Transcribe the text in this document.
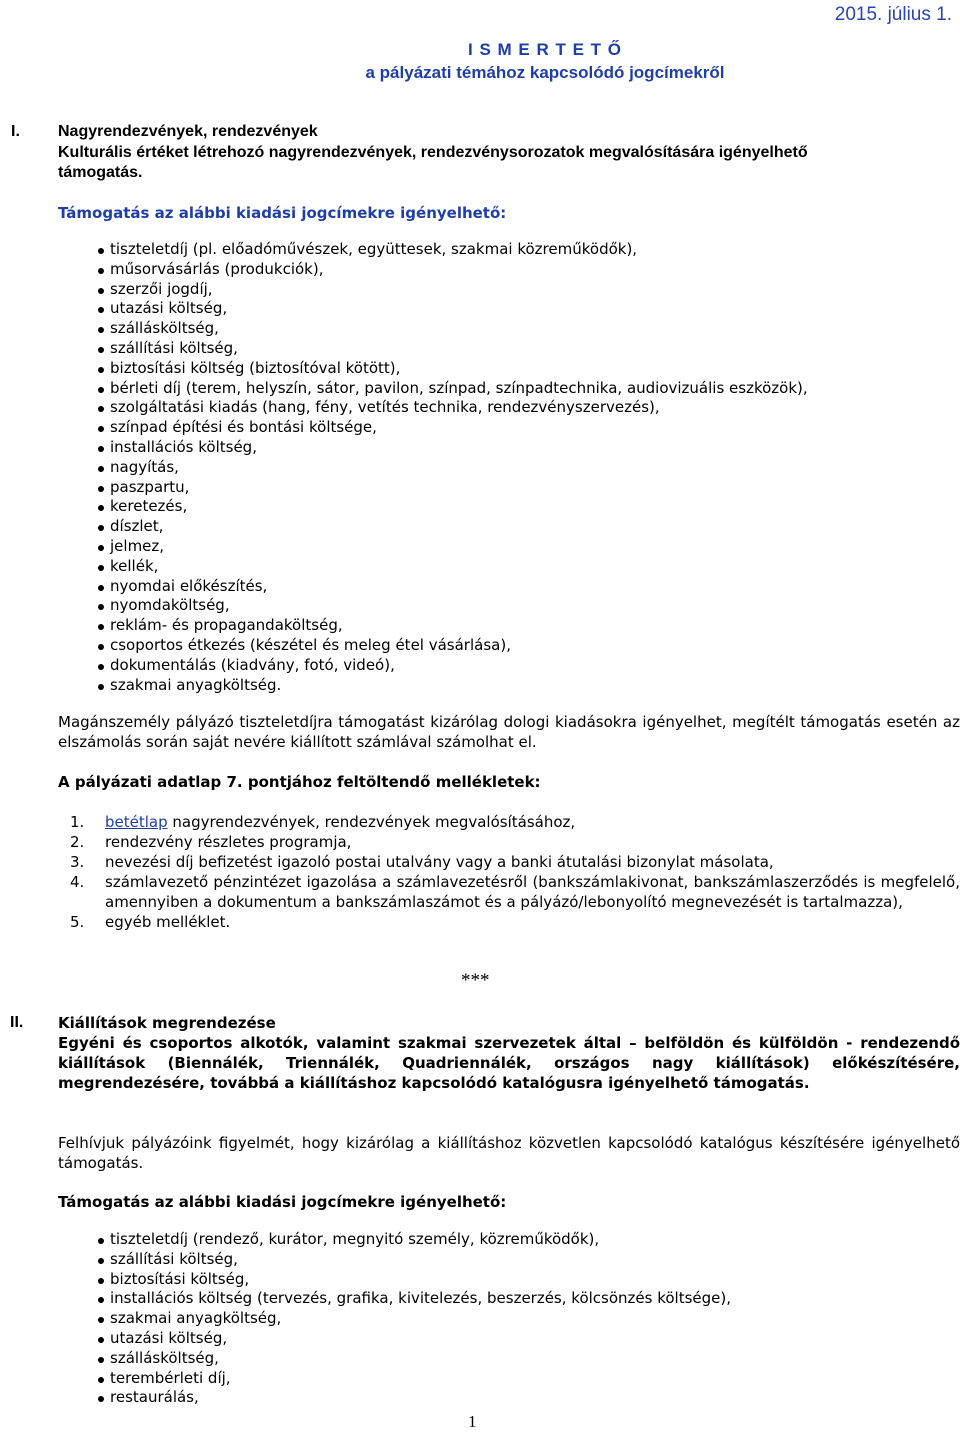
2015. július 1.
I S M E R T E T Ő
a pályázati témához kapcsolódó jogcímekről
I. Nagyrendezvények, rendezvények
Kulturális értéket létrehozó nagyrendezvények, rendezvénysorozatok megvalósítására igényelhető
támogatás.
Támogatás az alábbi kiadási jogcímekre igényelhető:
tiszteletdíj (pl. előadóművészek, együttesek, szakmai közreműködők),
műsorvásárlás (produkciók),
szerzői jogdíj,
utazási költség,
szállásköltség,
szállítási költség,
biztosítási költség (biztosítóval kötött),
bérleti díj (terem, helyszín, sátor, pavilon, színpad, színpadtechnika, audiovizuális eszközök),
szolgáltatási kiadás (hang, fény, vetítés technika, rendezvényszervezés),
színpad építési és bontási költsége,
installációs költség,
nagyítás,
paszpartu,
keretezés,
díszlet,
jelmez,
kellék,
nyomdai előkészítés,
nyomdaköltség,
reklám- és propagandaköltség,
csoportos étkezés (készétel és meleg étel vásárlása),
dokumentálás (kiadvány, fotó, videó),
szakmai anyagköltség.
Magánszemély pályázó tiszteletdíjra támogatást kizárólag dologi kiadásokra igényelhet, megítélt támogatás esetén az elszámolás során saját nevére kiállított számlával számolhat el.
A pályázati adatlap 7. pontjához feltöltendő mellékletek:
1. betétlap nagyrendezvények, rendezvények megvalósításához,
2. rendezvény részletes programja,
3. nevezési díj befizetést igazoló postai utalvány vagy a banki átutalási bizonylat másolata,
4. számlavezető pénzintézet igazolása a számlavezetésről (bankszámlakivonat, bankszámlaszerződés is megfelelő, amennyiben a dokumentum a bankszámlaszámot és a pályázó/lebonyolító megnevezését is tartalmazza),
5. egyéb melléklet.
***
II. Kiállítások megrendezése
Egyéni és csoportos alkotók, valamint szakmai szervezetek által – belföldön és külföldön - rendezendő kiállítások (Biennálék, Triennálék, Quadriennálék, országos nagy kiállítások) előkészítésére, megrendezésére, továbbá a kiállításhoz kapcsolódó katalógusra igényelhető támogatás.
Felhívjuk pályázóink figyelmét, hogy kizárólag a kiállításhoz közvetlen kapcsolódó katalógus készítésére igényelhető támogatás.
Támogatás az alábbi kiadási jogcímekre igényelhető:
tiszteletdíj (rendező, kurátor, megnyitó személy, közreműködők),
szállítási költség,
biztosítási költség,
installációs költség (tervezés, grafika, kivitelezés, beszerzés, kölcsönzés költsége),
szakmai anyagköltség,
utazási költség,
szállásköltség,
terembérleti díj,
restaurálás,
1
